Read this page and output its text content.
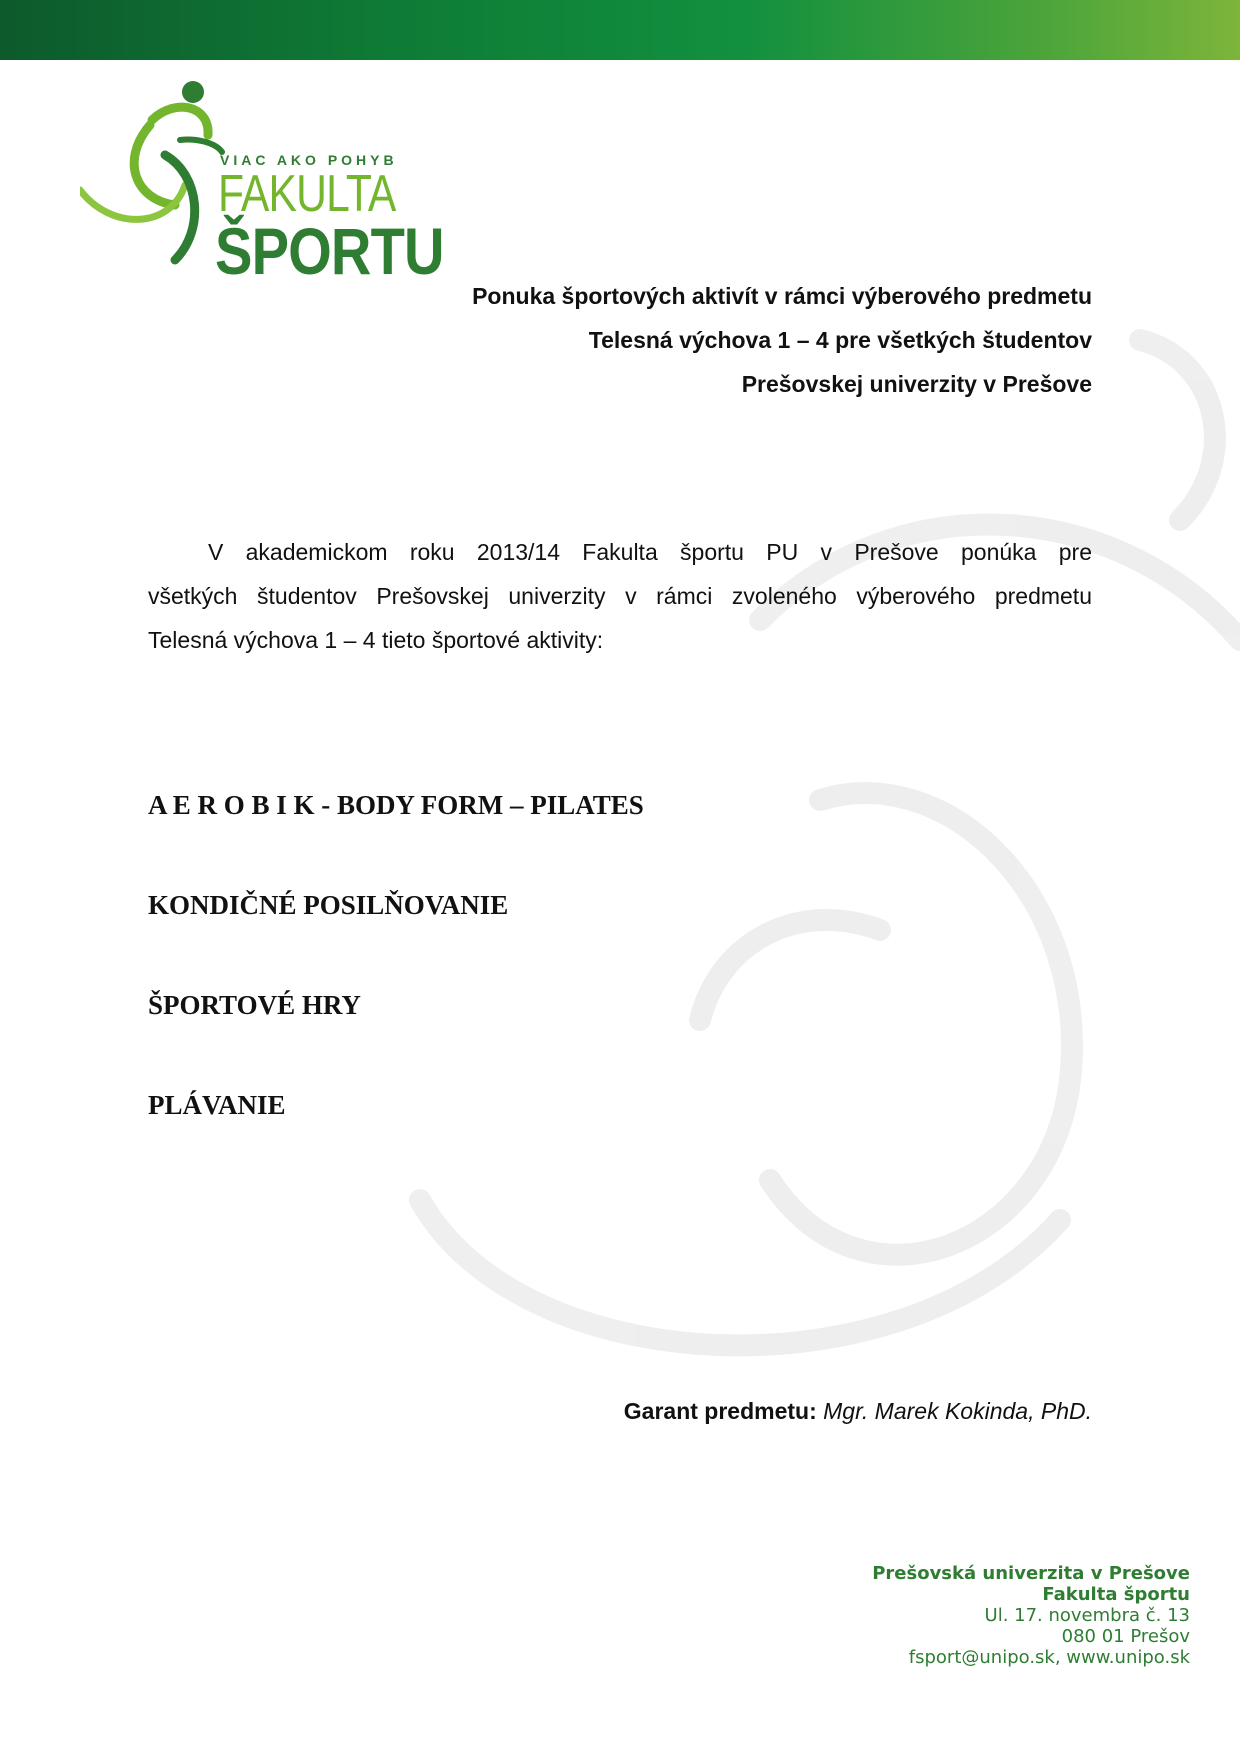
VIAC AKO POHYB
FAKULTA
ŠPORTU
Ponuka športových aktivít v rámci výberového predmetu
Telesná výchova 1 – 4 pre všetkých študentov
Prešovskej univerzity v Prešove
V akademickom roku 2013/14 Fakulta športu PU v Prešove ponúka pre
všetkých študentov Prešovskej univerzity v rámci zvoleného výberového predmetu
Telesná výchova 1 – 4 tieto športové aktivity:
A E R O B I K - BODY FORM – PILATES
KONDIČNÉ POSILŇOVANIE
ŠPORTOVÉ HRY
PLÁVANIE
Garant predmetu: Mgr. Marek Kokinda, PhD.
Prešovská univerzita v Prešove
Fakulta športu
Ul. 17. novembra č. 13
080 01 Prešov
fsport@unipo.sk, www.unipo.sk
